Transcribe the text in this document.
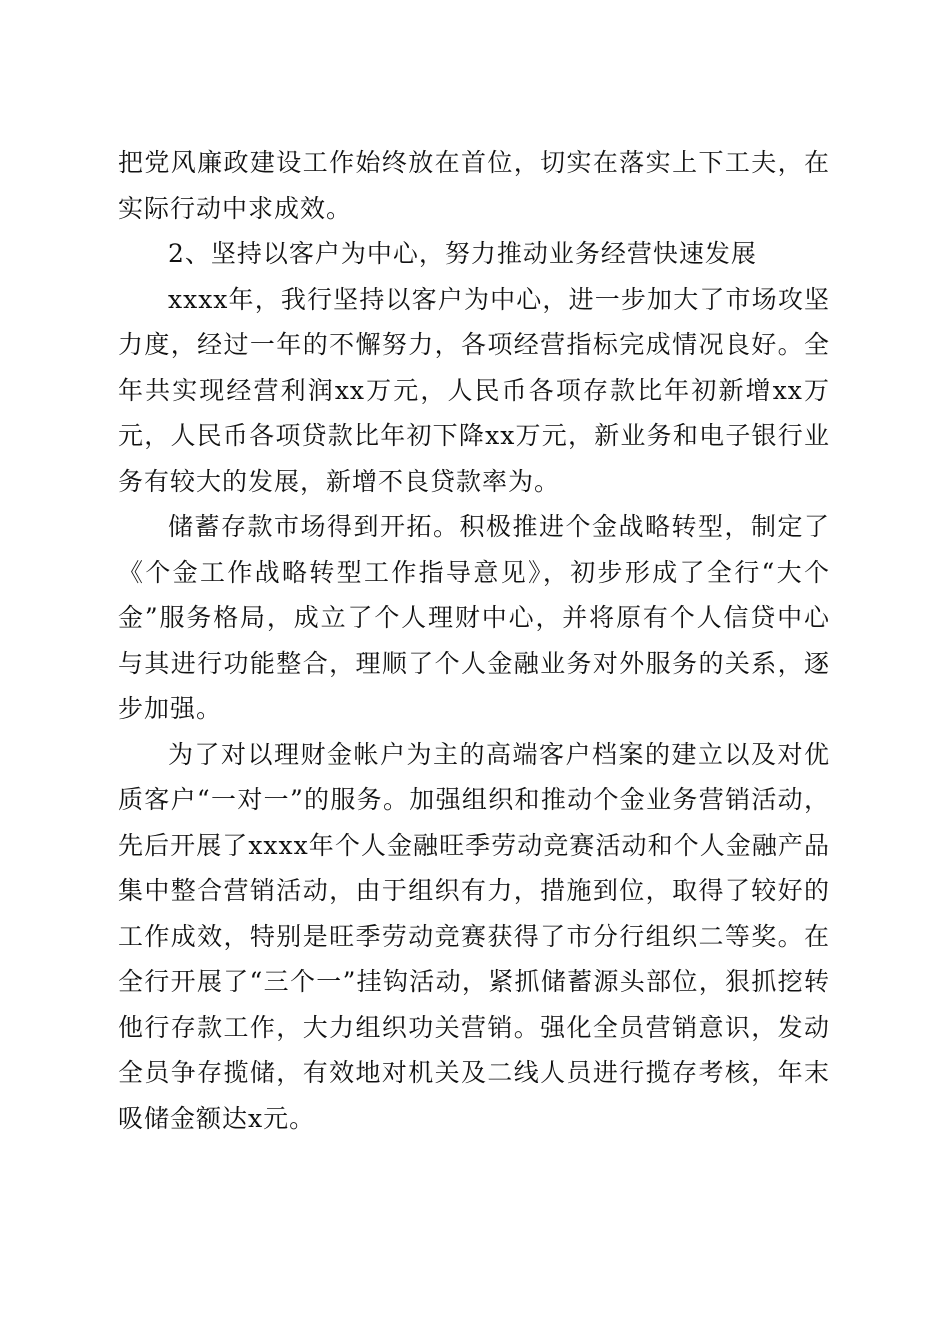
把党风廉政建设工作始终放在首位，切实在落实上下工夫，在实际行动中求成效。

2、坚持以客户为中心，努力推动业务经营快速发展

xxxx年，我行坚持以客户为中心，进一步加大了市场攻坚力度，经过一年的不懈努力，各项经营指标完成情况良好。全年共实现经营利润xx万元，人民币各项存款比年初新增xx万元，人民币各项贷款比年初下降xx万元，新业务和电子银行业务有较大的发展，新增不良贷款率为。

储蓄存款市场得到开拓。积极推进个金战略转型，制定了《个金工作战略转型工作指导意见》，初步形成了全行“大个金”服务格局，成立了个人理财中心，并将原有个人信贷中心与其进行功能整合，理顺了个人金融业务对外服务的关系，逐步加强。

为了对以理财金帐户为主的高端客户档案的建立以及对优质客户“一对一”的服务。加强组织和推动个金业务营销活动，先后开展了xxxx年个人金融旺季劳动竞赛活动和个人金融产品集中整合营销活动，由于组织有力，措施到位，取得了较好的工作成效，特别是旺季劳动竞赛获得了市分行组织二等奖。在全行开展了“三个一”挂钩活动，紧抓储蓄源头部位，狠抓挖转他行存款工作，大力组织功关营销。强化全员营销意识，发动全员争存揽储，有效地对机关及二线人员进行揽存考核，年末吸储金额达x元。
